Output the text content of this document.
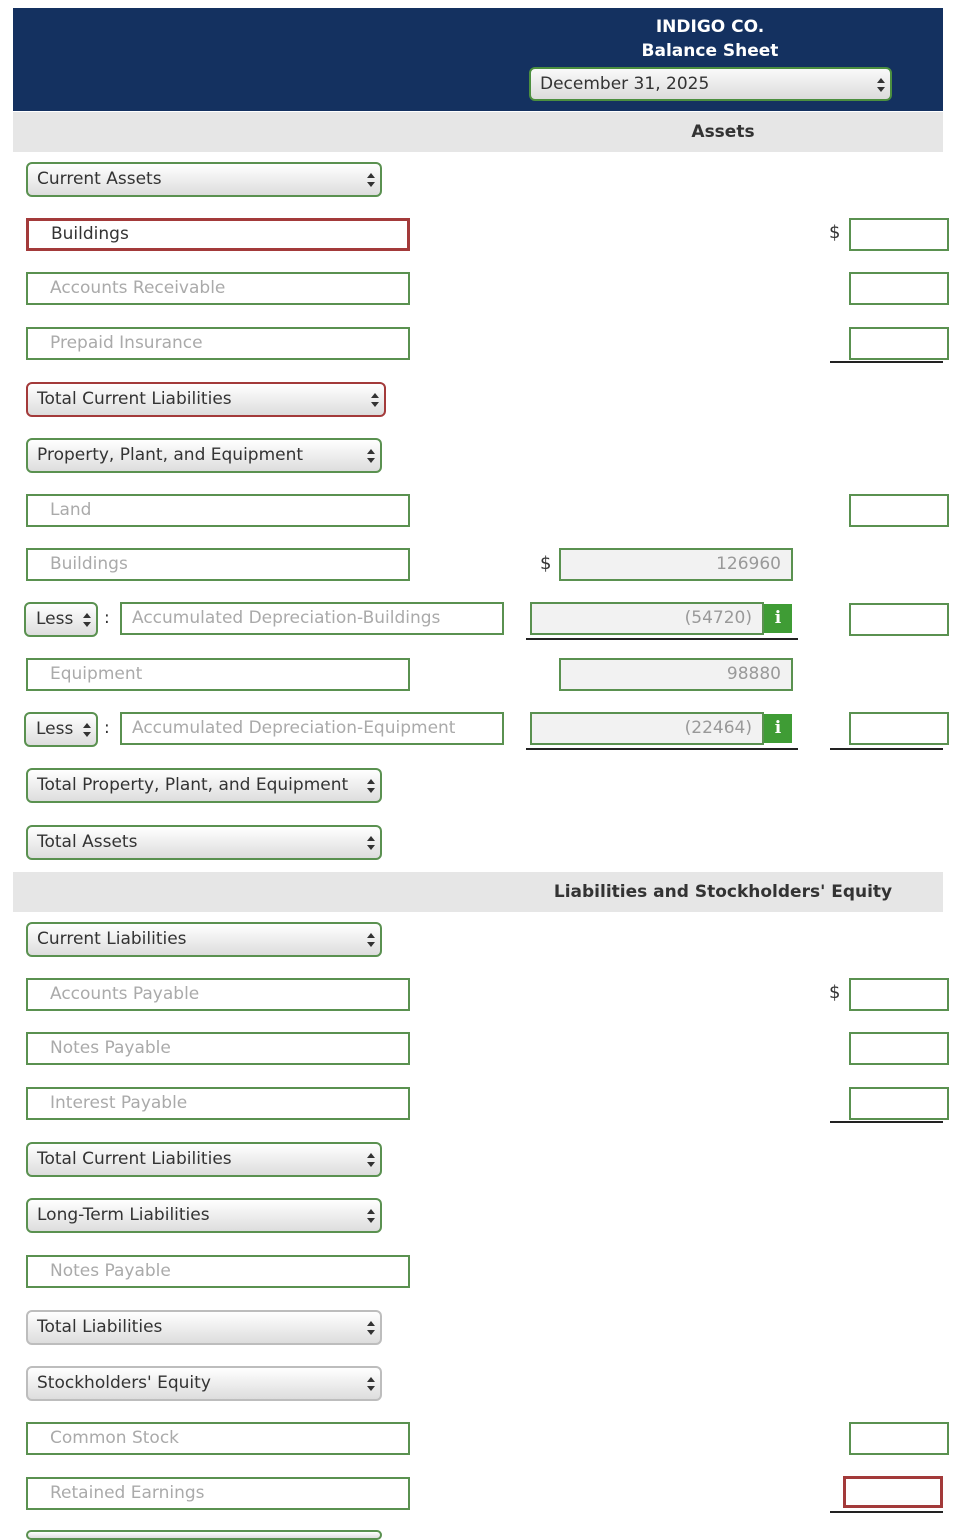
INDIGO CO.
Balance Sheet
December 31, 2025
Assets
Current Assets
Buildings	$
Accounts Receivable
Prepaid Insurance
Total Current Liabilities
Property, Plant, and Equipment
Land
Buildings	$	126960
Less	:	Accumulated Depreciation-Buildings	(54720)	i
Equipment	98880
Less	:	Accumulated Depreciation-Equipment	(22464)	i
Total Property, Plant, and Equipment
Total Assets
Liabilities and Stockholders' Equity
Current Liabilities
Accounts Payable	$
Notes Payable
Interest Payable
Total Current Liabilities
Long-Term Liabilities
Notes Payable
Total Liabilities
Stockholders' Equity
Common Stock
Retained Earnings
